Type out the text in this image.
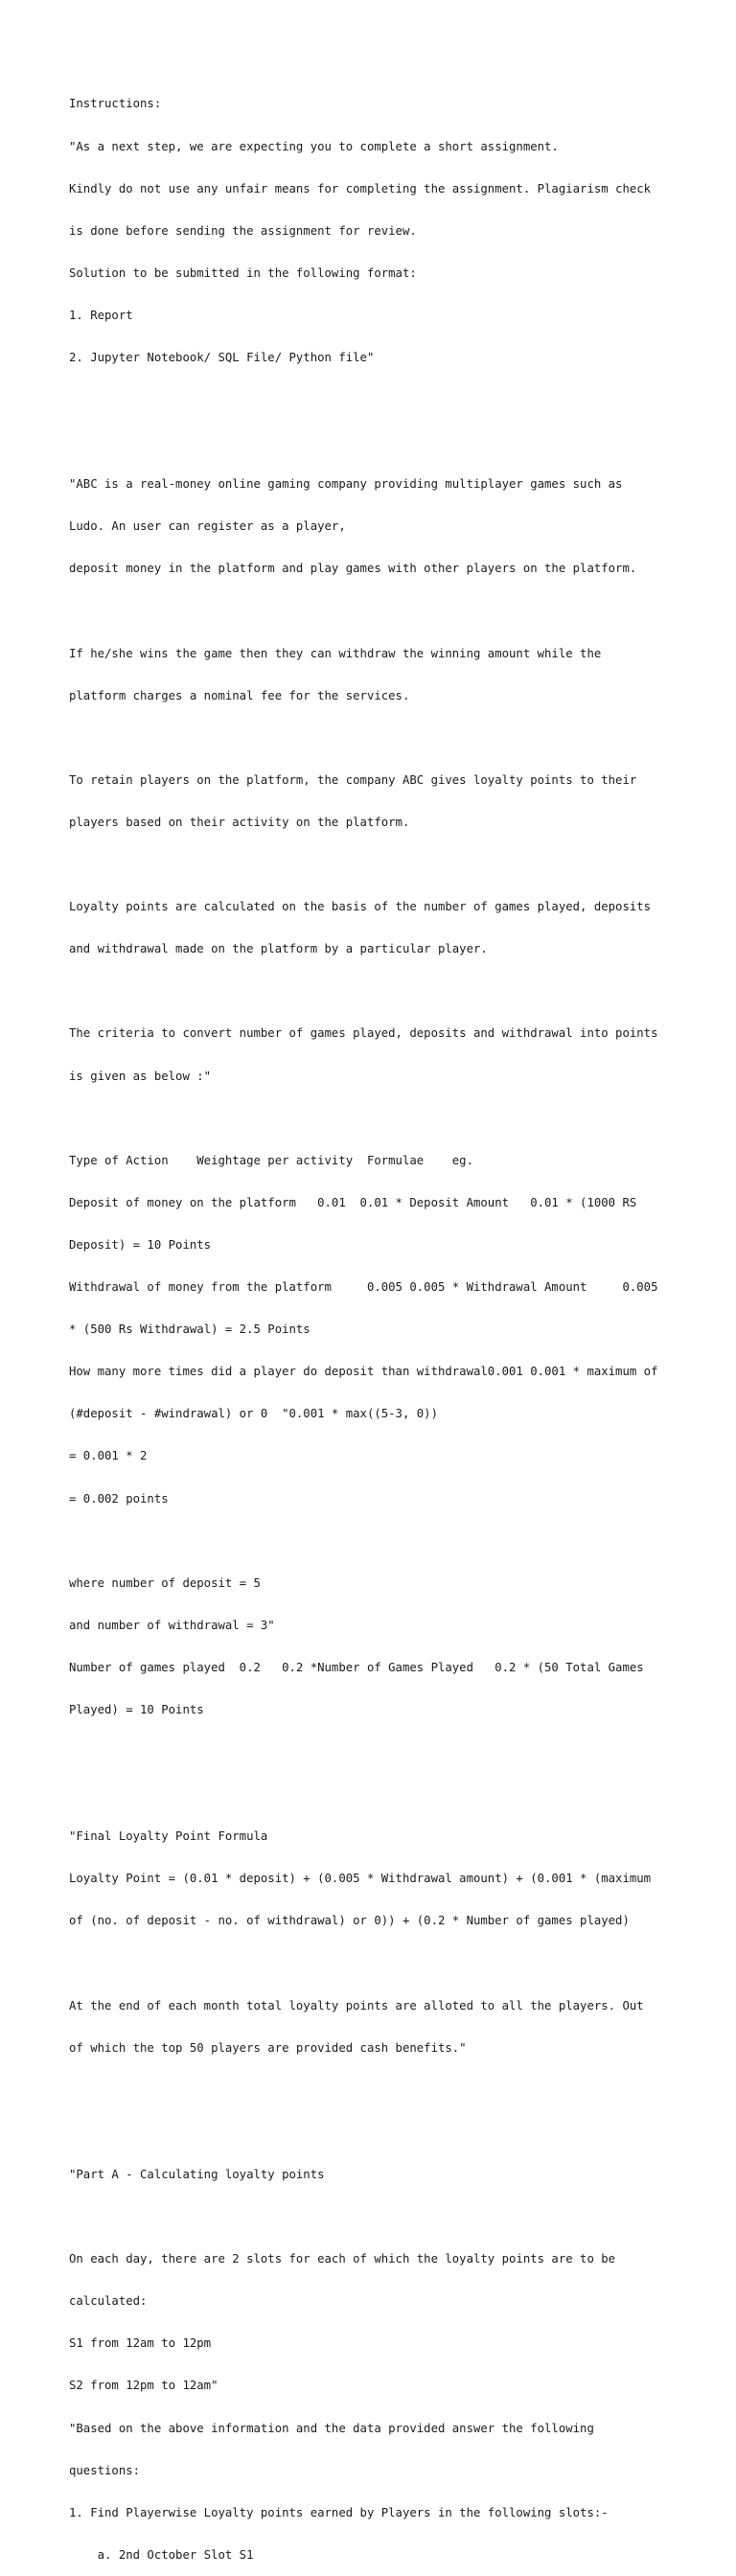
Instructions:

"As a next step, we are expecting you to complete a short assignment.

Kindly do not use any unfair means for completing the assignment. Plagiarism check

is done before sending the assignment for review.

Solution to be submitted in the following format:

1. Report

2. Jupyter Notebook/ SQL File/ Python file"

"ABC is a real-money online gaming company providing multiplayer games such as

Ludo. An user can register as a player,

deposit money in the platform and play games with other players on the platform.

If he/she wins the game then they can withdraw the winning amount while the

platform charges a nominal fee for the services.

To retain players on the platform, the company ABC gives loyalty points to their

players based on their activity on the platform.

Loyalty points are calculated on the basis of the number of games played, deposits

and withdrawal made on the platform by a particular player.

The criteria to convert number of games played, deposits and withdrawal into points

is given as below :"

Type of Action    Weightage per activity  Formulae    eg.

Deposit of money on the platform   0.01  0.01 * Deposit Amount   0.01 * (1000 RS

Deposit) = 10 Points

Withdrawal of money from the platform     0.005 0.005 * Withdrawal Amount     0.005

* (500 Rs Withdrawal) = 2.5 Points

How many more times did a player do deposit than withdrawal0.001 0.001 * maximum of

(#deposit - #windrawal) or 0  "0.001 * max((5-3, 0))

= 0.001 * 2

= 0.002 points

where number of deposit = 5

and number of withdrawal = 3"

Number of games played  0.2   0.2 *Number of Games Played   0.2 * (50 Total Games

Played) = 10 Points

"Final Loyalty Point Formula

Loyalty Point = (0.01 * deposit) + (0.005 * Withdrawal amount) + (0.001 * (maximum

of (no. of deposit - no. of withdrawal) or 0)) + (0.2 * Number of games played)

At the end of each month total loyalty points are alloted to all the players. Out

of which the top 50 players are provided cash benefits."

"Part A - Calculating loyalty points

On each day, there are 2 slots for each of which the loyalty points are to be

calculated:

S1 from 12am to 12pm

S2 from 12pm to 12am"

"Based on the above information and the data provided answer the following

questions:

1. Find Playerwise Loyalty points earned by Players in the following slots:-

a. 2nd October Slot S1
